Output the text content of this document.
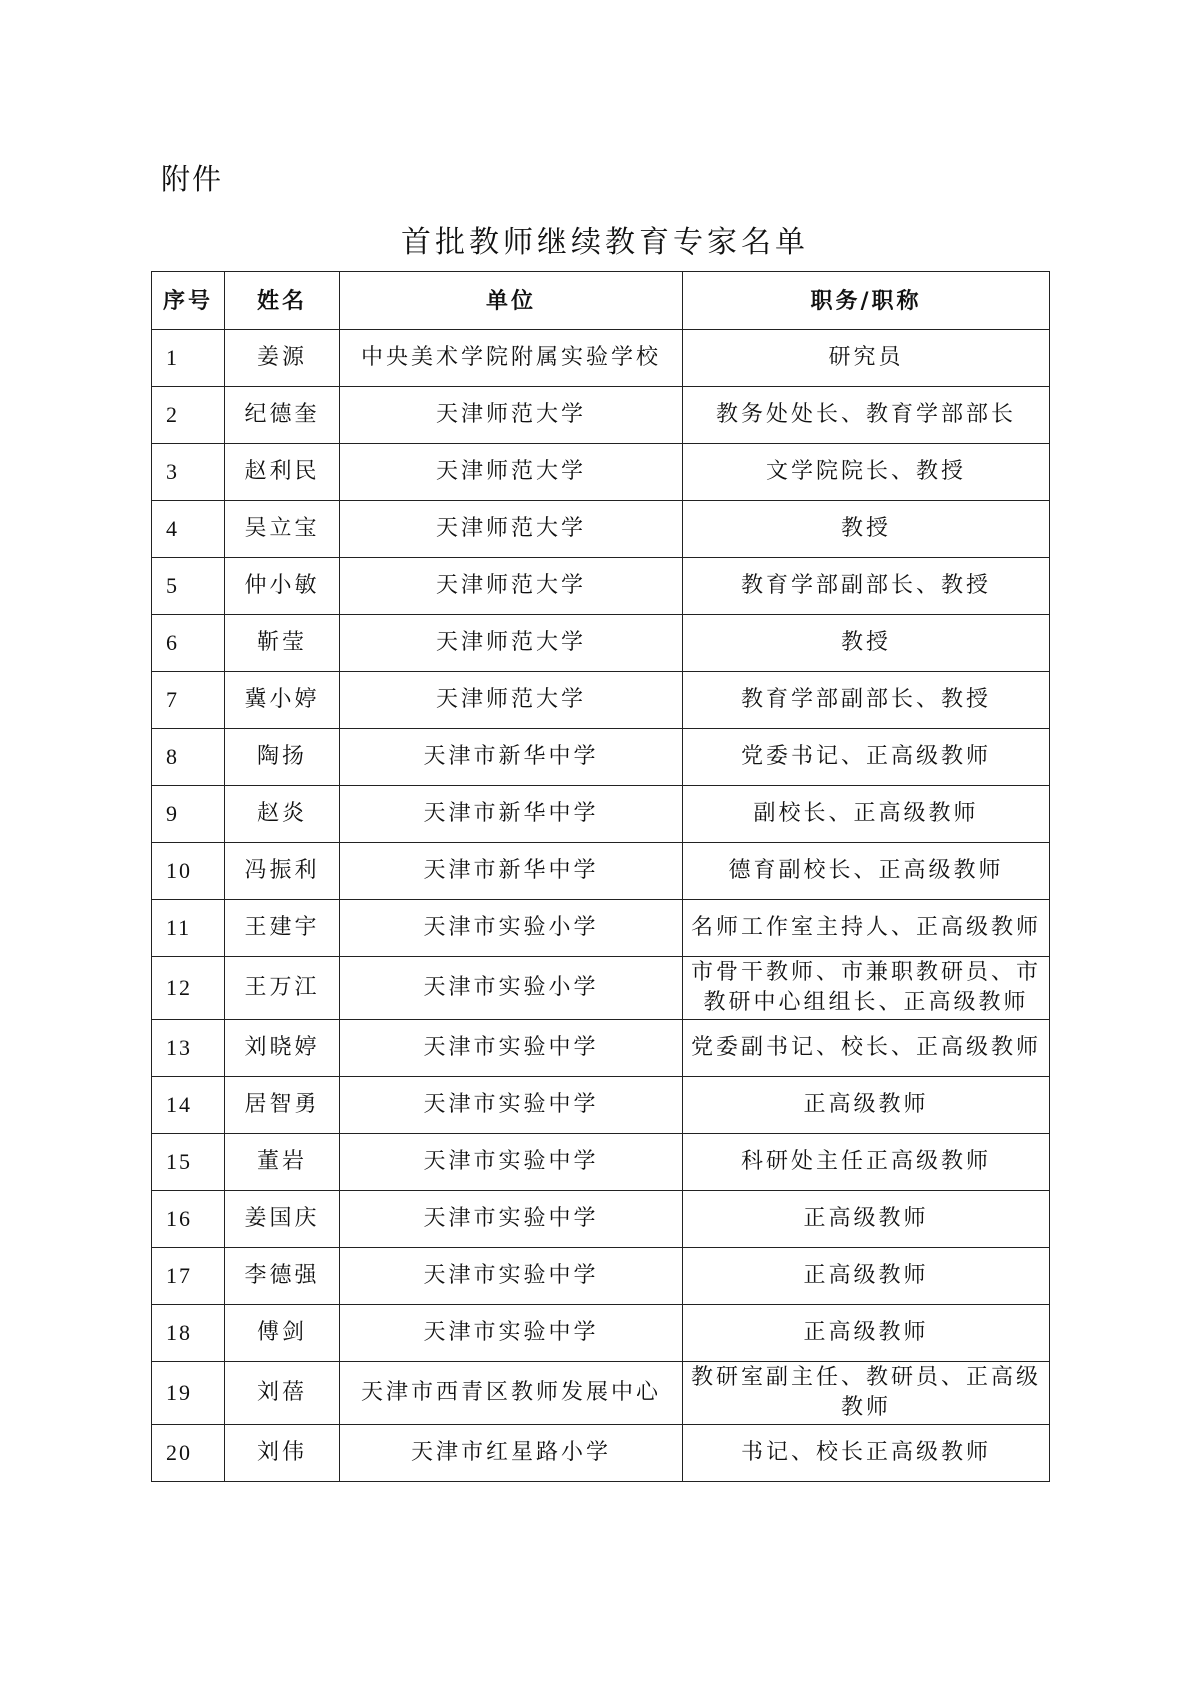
附件
首批教师继续教育专家名单
序号	姓名	单位	职务/职称
1	姜源	中央美术学院附属实验学校	研究员
2	纪德奎	天津师范大学	教务处处长、教育学部部长
3	赵利民	天津师范大学	文学院院长、教授
4	吴立宝	天津师范大学	教授
5	仲小敏	天津师范大学	教育学部副部长、教授
6	靳莹	天津师范大学	教授
7	冀小婷	天津师范大学	教育学部副部长、教授
8	陶扬	天津市新华中学	党委书记、正高级教师
9	赵炎	天津市新华中学	副校长、正高级教师
10	冯振利	天津市新华中学	德育副校长、正高级教师
11	王建宇	天津市实验小学	名师工作室主持人、正高级教师
12	王万江	天津市实验小学	市骨干教师、市兼职教研员、市教研中心组组长、正高级教师
13	刘晓婷	天津市实验中学	党委副书记、校长、正高级教师
14	居智勇	天津市实验中学	正高级教师
15	董岩	天津市实验中学	科研处主任正高级教师
16	姜国庆	天津市实验中学	正高级教师
17	李德强	天津市实验中学	正高级教师
18	傅剑	天津市实验中学	正高级教师
19	刘蓓	天津市西青区教师发展中心	教研室副主任、教研员、正高级教师
20	刘伟	天津市红星路小学	书记、校长正高级教师
